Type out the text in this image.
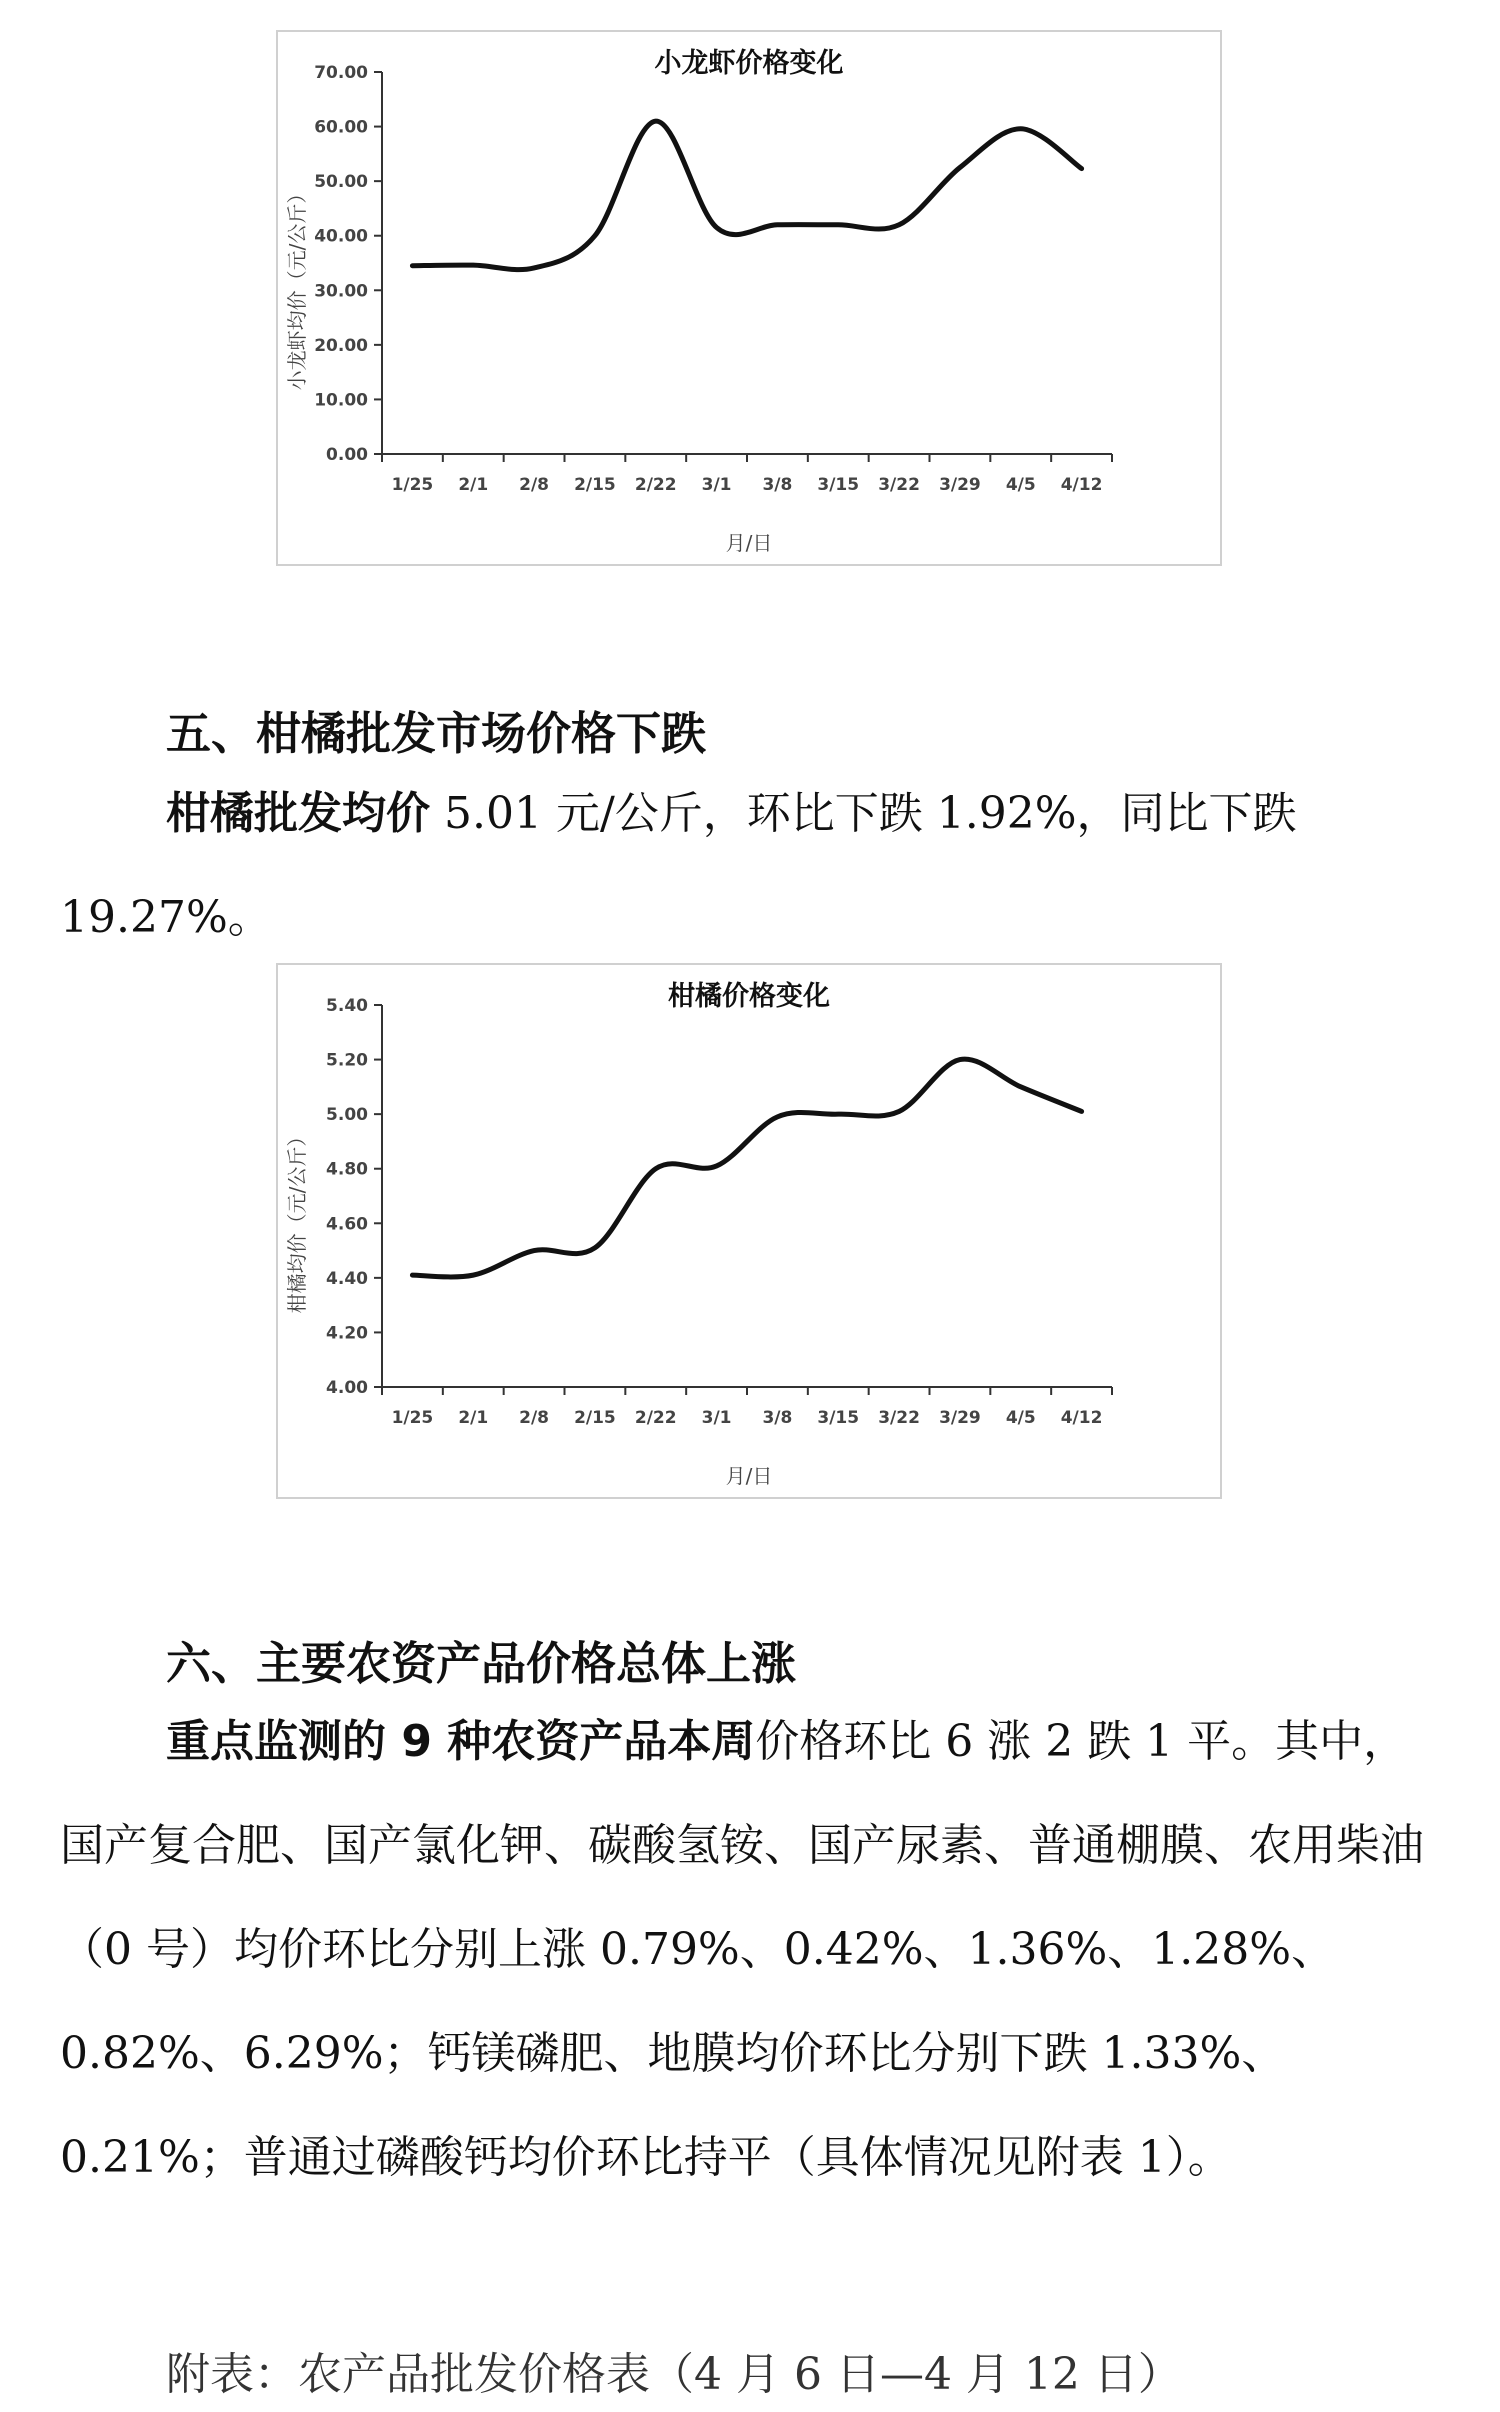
小龙虾价格变化
0.00
10.00
20.00
30.00
40.00
50.00
60.00
70.00
1/25 2/1 2/8 2/15 2/22 3/1 3/8 3/15 3/22 3/29 4/5 4/12
月/日
小龙虾均价（元/公斤）
五、柑橘批发市场价格下跌

柑橘批发均价 5.01 元/公斤，环比下跌 1.92%，同比下跌 19.27%。

柑橘价格变化
4.00
4.20
4.40
4.60
4.80
5.00
5.20
5.40
1/25 2/1 2/8 2/15 2/22 3/1 3/8 3/15 3/22 3/29 4/5 4/12
月/日
柑橘均价（元/公斤）
六、主要农资产品价格总体上涨

重点监测的 9 种农资产品本周价格环比 6 涨 2 跌 1 平。其中，国产复合肥、国产氯化钾、碳酸氢铵、国产尿素、普通棚膜、农用柴油（0 号）均价环比分别上涨 0.79%、0.42%、1.36%、1.28%、0.82%、6.29%；钙镁磷肥、地膜均价环比分别下跌 1.33%、0.21%；普通过磷酸钙均价环比持平（具体情况见附表 1）。

附表：农产品批发价格表（4 月 6 日—4 月 12 日）
